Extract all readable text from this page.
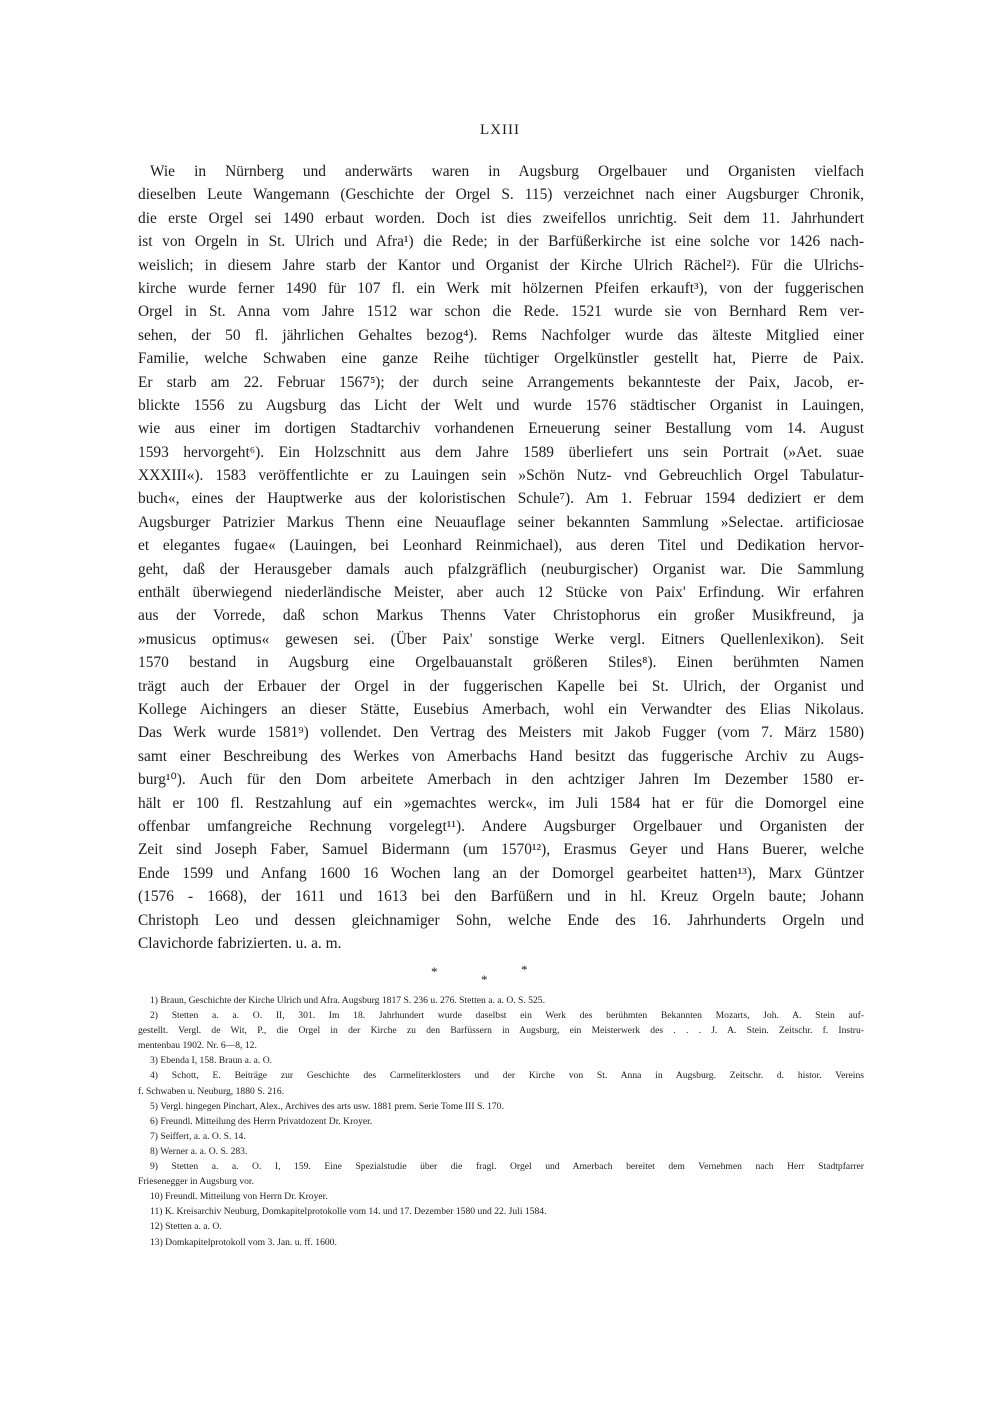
LXIII
Wie in Nürnberg und anderwärts waren in Augsburg Orgelbauer und Organisten vielfach
dieselben Leute Wangemann (Geschichte der Orgel S. 115) verzeichnet nach einer Augsburger Chronik,
die erste Orgel sei 1490 erbaut worden. Doch ist dies zweifellos unrichtig. Seit dem 11. Jahrhundert
ist von Orgeln in St. Ulrich und Afra¹) die Rede; in der Barfüßerkirche ist eine solche vor 1426 nach-
weislich; in diesem Jahre starb der Kantor und Organist der Kirche Ulrich Rächel²). Für die Ulrichs-
kirche wurde ferner 1490 für 107 fl. ein Werk mit hölzernen Pfeifen erkauft³), von der fuggerischen
Orgel in St. Anna vom Jahre 1512 war schon die Rede. 1521 wurde sie von Bernhard Rem ver-
sehen, der 50 fl. jährlichen Gehaltes bezog⁴). Rems Nachfolger wurde das älteste Mitglied einer
Familie, welche Schwaben eine ganze Reihe tüchtiger Orgelkünstler gestellt hat, Pierre de Paix.
Er starb am 22. Februar 1567⁵); der durch seine Arrangements bekannteste der Paix, Jacob, er-
blickte 1556 zu Augsburg das Licht der Welt und wurde 1576 städtischer Organist in Lauingen,
wie aus einer im dortigen Stadtarchiv vorhandenen Erneuerung seiner Bestallung vom 14. August
1593 hervorgeht⁶). Ein Holzschnitt aus dem Jahre 1589 überliefert uns sein Portrait (»Aet. suae
XXXIII«). 1583 veröffentlichte er zu Lauingen sein »Schön Nutz- vnd Gebreuchlich Orgel Tabulatur-
buch«, eines der Hauptwerke aus der koloristischen Schule⁷). Am 1. Februar 1594 dediziert er dem
Augsburger Patrizier Markus Thenn eine Neuauflage seiner bekannten Sammlung »Selectae. artificiosae
et elegantes fugae« (Lauingen, bei Leonhard Reinmichael), aus deren Titel und Dedikation hervor-
geht, daß der Herausgeber damals auch pfalzgräflich (neuburgischer) Organist war. Die Sammlung
enthält überwiegend niederländische Meister, aber auch 12 Stücke von Paix' Erfindung. Wir erfahren
aus der Vorrede, daß schon Markus Thenns Vater Christophorus ein großer Musikfreund, ja
»musicus optimus« gewesen sei. (Über Paix' sonstige Werke vergl. Eitners Quellenlexikon). Seit
1570 bestand in Augsburg eine Orgelbauanstalt größeren Stiles⁸). Einen berühmten Namen
trägt auch der Erbauer der Orgel in der fuggerischen Kapelle bei St. Ulrich, der Organist und
Kollege Aichingers an dieser Stätte, Eusebius Amerbach, wohl ein Verwandter des Elias Nikolaus.
Das Werk wurde 1581⁹) vollendet. Den Vertrag des Meisters mit Jakob Fugger (vom 7. März 1580)
samt einer Beschreibung des Werkes von Amerbachs Hand besitzt das fuggerische Archiv zu Augs-
burg¹⁰). Auch für den Dom arbeitete Amerbach in den achtziger Jahren Im Dezember 1580 er-
hält er 100 fl. Restzahlung auf ein »gemachtes werck«, im Juli 1584 hat er für die Domorgel eine
offenbar umfangreiche Rechnung vorgelegt¹¹). Andere Augsburger Orgelbauer und Organisten der
Zeit sind Joseph Faber, Samuel Bidermann (um 1570¹²), Erasmus Geyer und Hans Buerer, welche
Ende 1599 und Anfang 1600 16 Wochen lang an der Domorgel gearbeitet hatten¹³), Marx Güntzer
(1576 - 1668), der 1611 und 1613 bei den Barfüßern und in hl. Kreuz Orgeln baute; Johann
Christoph Leo und dessen gleichnamiger Sohn, welche Ende des 16. Jahrhunderts Orgeln und
Clavichorde fabrizierten. u. a. m.
*
*
*
1) Braun, Geschichte der Kirche Ulrich und Afra. Augsburg 1817 S. 236 u. 276. Stetten a. a. O. S. 525.
2) Stetten a. a. O. II, 301. Im 18. Jahrhundert wurde daselbst ein Werk des berühmten Bekannten Mozarts, Joh. A. Stein auf-
gestellt. Vergl. de Wit, P., die Orgel in der Kirche zu den Barfüssern in Augsburg, ein Meisterwerk des . . . J. A. Stein. Zeitschr. f. Instru-
mentenbau 1902. Nr. 6—8, 12.
3) Ebenda I, 158. Braun a. a. O.
4) Schott, E. Beiträge zur Geschichte des Carmeliterklosters und der Kirche von St. Anna in Augsburg. Zeitschr. d. histor. Vereins
f. Schwaben u. Neuburg, 1880 S. 216.
5) Vergl. hingegen Pinchart, Alex., Archives des arts usw. 1881 prem. Serie Tome III S. 170.
6) Freundl. Mitteilung des Herrn Privatdozent Dr. Kroyer.
7) Seiffert, a. a. O. S. 14.
8) Werner a. a. O. S. 283.
9) Stetten a. a. O. I, 159. Eine Spezialstudie über die fragl. Orgel und Amerbach bereitet dem Vernehmen nach Herr Stadtpfarrer
Friesenegger in Augsburg vor.
10) Freundl. Mitteilung von Herrn Dr. Kroyer.
11) K. Kreisarchiv Neuburg, Domkapitelprotokolle vom 14. und 17. Dezember 1580 und 22. Juli 1584.
12) Stetten a. a. O.
13) Domkapitelprotokoll vom 3. Jan. u. ff. 1600.
